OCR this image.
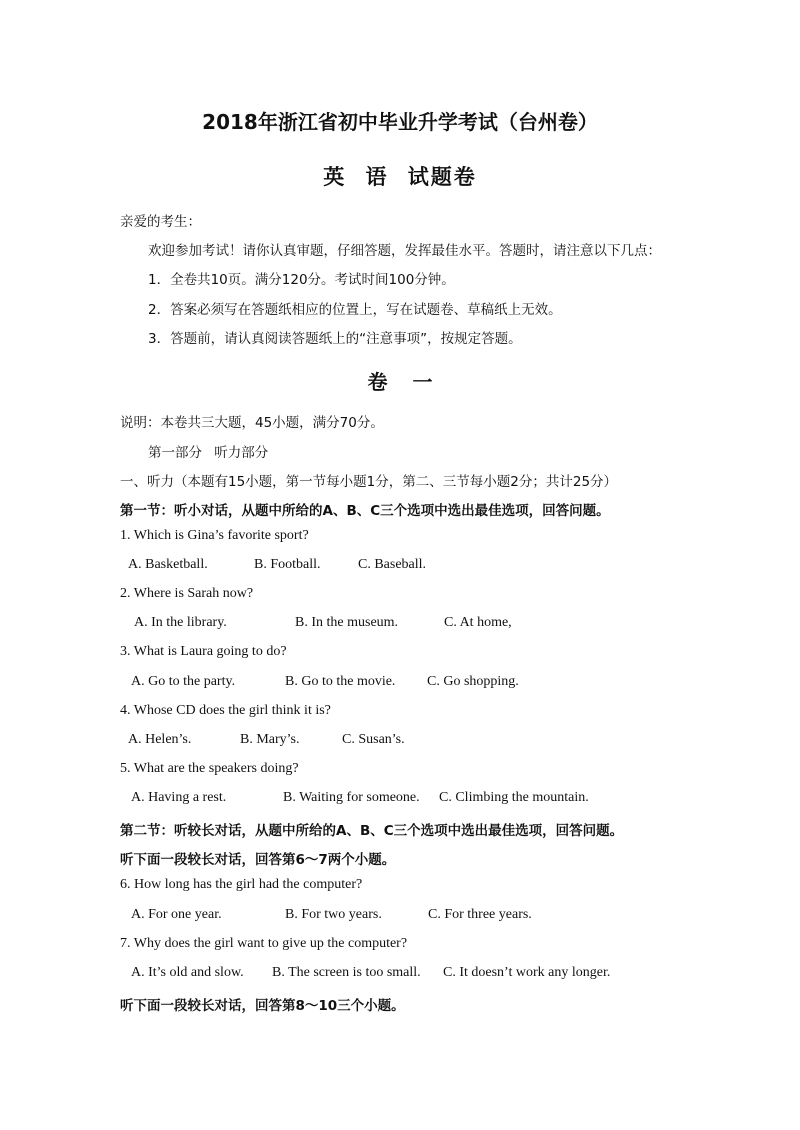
2018年浙江省初中毕业升学考试（台州卷）
英 语 试题卷
亲爱的考生：
欢迎参加考试！请你认真审题，仔细答题，发挥最佳水平。答题时，请注意以下几点：
1．全卷共10页。满分120分。考试时间100分钟。
2．答案必须写在答题纸相应的位置上，写在试题卷、草稿纸上无效。
3．答题前，请认真阅读答题纸上的“注意事项”，按规定答题。
卷 一
说明：本卷共三大题，45小题，满分70分。
第一部分 听力部分
一、听力（本题有15小题，第一节每小题1分，第二、三节每小题2分；共计25分）
第一节：听小对话，从题中所给的A、B、C三个选项中选出最佳选项，回答问题。
1. Which is Gina’s favorite sport?
A. Basketball.	B. Football.	C. Baseball.
2. Where is Sarah now?
A. In the library.	B. In the museum.	C. At home,
3. What is Laura going to do?
A. Go to the party.	B. Go to the movie. C. Go shopping.
4. Whose CD does the girl think it is?
A. Helen’s.	B. Mary’s.	C. Susan’s.
5. What are the speakers doing?
A. Having a rest.	B. Waiting for someone. C. Climbing the mountain.
第二节：听较长对话，从题中所给的A、B、C三个选项中选出最佳选项，回答问题。
听下面一段较长对话，回答第6～7两个小题。
6. How long has the girl had the computer?
A. For one year.	B. For two years.	C. For three years.
7. Why does the girl want to give up the computer?
A. It’s old and slow. B. The screen is too small. C. It doesn’t work any longer.
听下面一段较长对话，回答第8～10三个小题。
